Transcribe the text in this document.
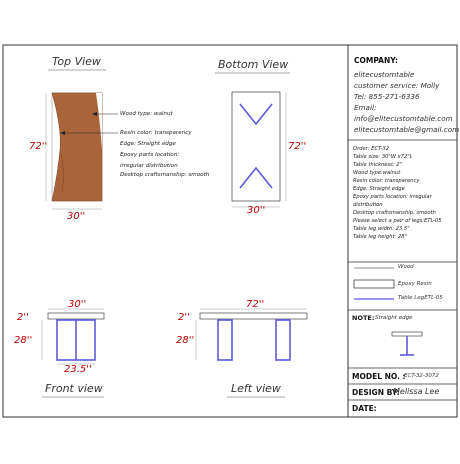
Top View	Bottom View
Front view	Left view
72''
30''
72''
30''
30''
2''
28''
23.5''
72''
2''
28''
Wood type: walnut
Resin color: transparency
Edge: Straight edge
Epoxy parts location:
irregular distribution
Desktop craftsmanship: smooth
COMPANY:
elitecustomtable
customer service: Molly
Tel: 855-271-6336
Email:
info@elitecustomtable.com
elitecustomtable@gmail.com
Order: ECT-32
Table size: 30"W x72"L
Table thickness: 2"
Wood type:walnut
Resin color: transparency
Edge: Straight edge
Epoxy parts location: irregular
distribution
Desktop craftsmanship: smooth
Please select a pair of legs:ETL-05
Table leg width: 23.5"
Table leg height: 28"
Wood
Epoxy Resin
Table LegETL-05
NOTE: Straight edge
MODEL NO. :
ECT-32-3072
DESIGN BY:
Melissa Lee
DATE:
